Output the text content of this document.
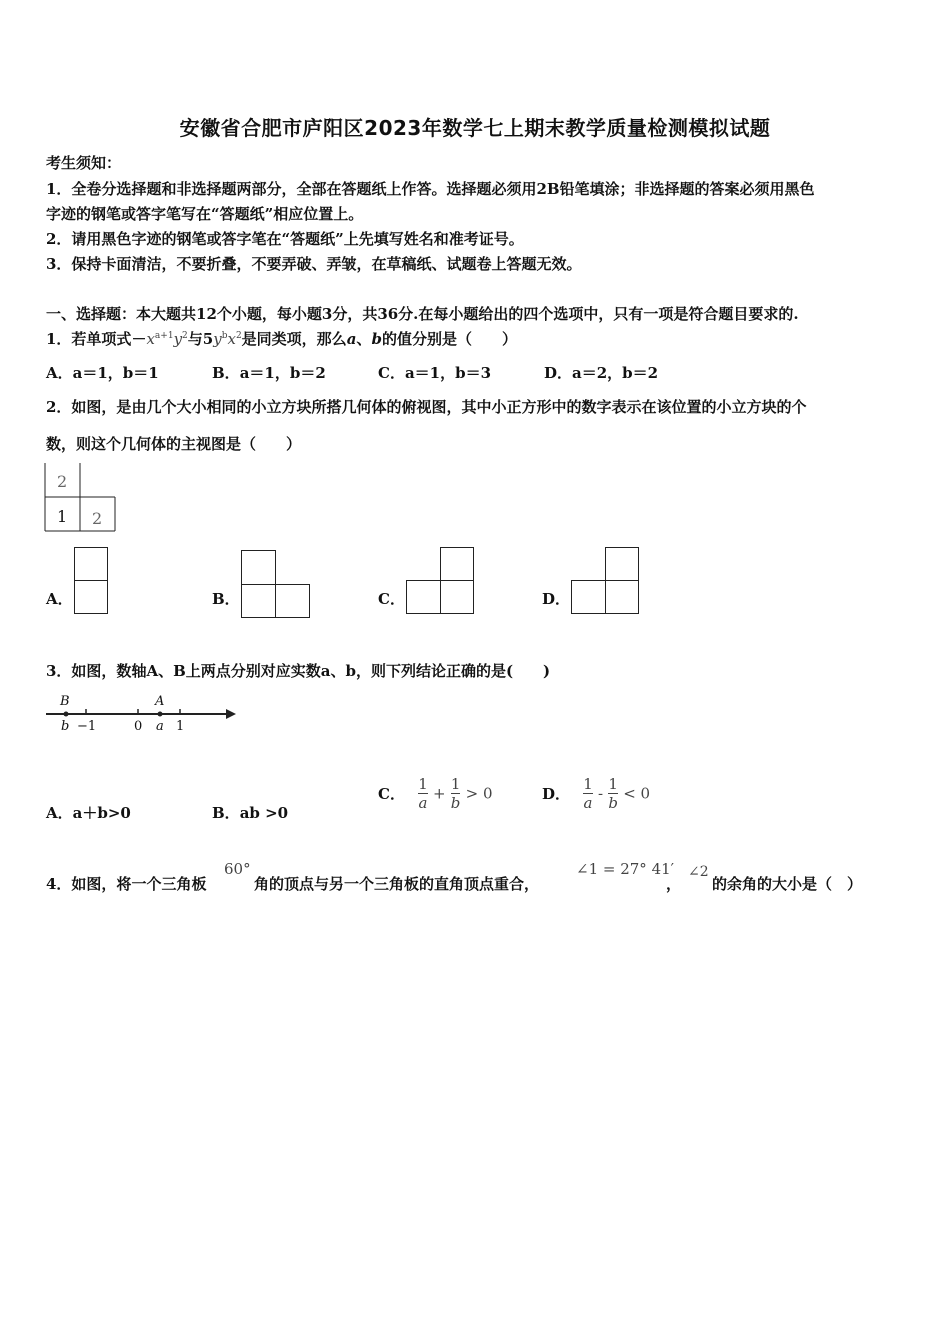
安徽省合肥市庐阳区2023年数学七上期末教学质量检测模拟试题
考生须知：
1．全卷分选择题和非选择题两部分，全部在答题纸上作答。选择题必须用2B铅笔填涂；非选择题的答案必须用黑色
字迹的钢笔或答字笔写在“答题纸”相应位置上。
2．请用黑色字迹的钢笔或答字笔在“答题纸”上先填写姓名和准考证号。
3．保持卡面清洁，不要折叠，不要弄破、弄皱，在草稿纸、试题卷上答题无效。
一、选择题：本大题共12个小题，每小题3分，共36分.在每小题给出的四个选项中，只有一项是符合题目要求的.
1．若单项式$-x^{a+1}y^2$与$5y^bx^2$是同类项，那么a、b的值分别是（　　）
A．a＝1，b＝1	B．a＝1，b＝2	C．a＝1，b＝3	D．a＝2，b＝2
2．如图，是由几个大小相同的小立方块所搭几何体的俯视图，其中小正方形中的数字表示在该位置的小立方块的个
数，则这个几何体的主视图是（　　）
2
1 2
A．	B．	C．	D．
3．如图，数轴A、B上两点分别对应实数a、b，则下列结论正确的是(　　)
B	A
b −1	0 a 1
A．a＋b>0	B．ab >0
C． $\frac{1}{a} + \frac{1}{b} > 0$	D． $\frac{1}{a} - \frac{1}{b} < 0$
4．如图，将一个三角板
60°
角的顶点与另一个三角板的直角顶点重合，
∠1 = 27° 41′
，
∠2
的余角的大小是（　）
